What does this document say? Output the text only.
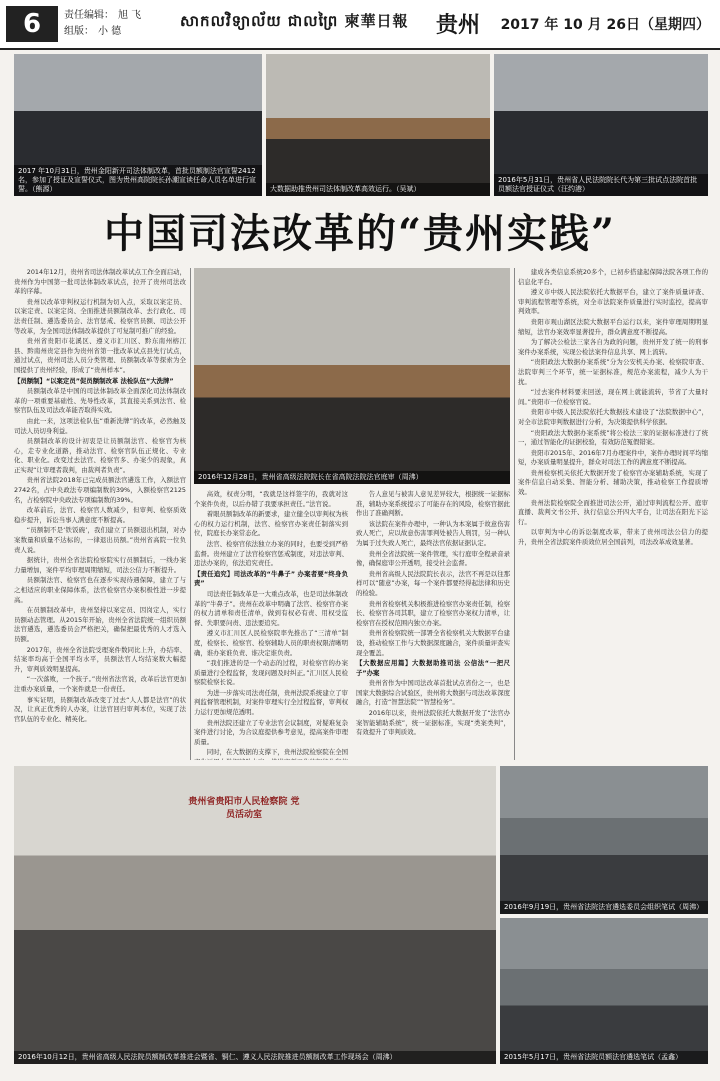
6	责任编辑： 旭 飞
组版： 小 德
សាកលវិទ្យាល័យ ជាលព្រៃ 柬華日報 贵州 2017 年 10 月 26日（星期四）
2017 年10月31日，贵州金阳新开司法体制改革，首批员额制法官宣誓2412名，参加了授证及宣誓仪式，图为贵州高院院长孙潮宣读任命人员名单进行宣誓。（熊源）	大数据助推贵州司法体制改革高效运行。（吴斌）
2016年5月31日，贵州省人民法院院长代为第三批试点法院首批员额法官授证仪式（汪约港）
中国司法改革的“贵州实践”

2014年12月，贵州省司法体制改革试点工作全面启动，贵州作为中国第一批司法体制改革试点，拉开了贵州司法改革的序幕。

贵州以改革审判权运行机制为切入点，采取以案定员、以案定责、以案定岗、全面推进员额制改革、去行政化、司法责任制、遴选委员会、法官惩戒、检察官员额、司法公开等改革，为全国司法体制改革提供了可复制可推广的经验。

贵州省贵阳市花溪区、遵义市汇川区、黔东南州榕江县、黔南州贵定县作为贵州省第一批改革试点县先行试点，通过试点，贵州司法人员分类管理、员额制改革等探索为全国提供了贵州经验，形成了“贵州样本”。

【员额制】“以案定员”促员额制改革 法检队伍“大洗牌”

员额制改革是中国的司法体制改革全面深化司法体制改革的一项重要基础性、先导性改革，其直接关系到法官、检察官队伍及司法改革能否取得实效。

由此一来，这项法检队伍“重新洗牌”的改革，必然触及司法人员切身利益。

员额制改革的设计初衷是让员额制法官、检察官为核心，走专业化道路，推动法官、检察官队伍正规化、专业化、职业化。改变过去法官、检察官多、办案少的现象，真正实现“让审理者裁判，由裁判者负责”。

贵州省法院2018年已完成员额法官遴选工作，入额法官2742名，占中央政法专项编制数的39%，入额检察官2125名，占检察院中央政法专项编制数的39%。

改革前后，法官、检察官人数减少，但审判、检察质效稳步提升，诉讼当事人满意度不断提高。

“员额制不是‘铁饭碗’，我们建立了员额退出机制，对办案数量和质量不达标的，一律退出员额。”贵州省高院一位负责人说。

据统计，贵州全省法院检察院实行员额制后，一线办案力量增加，案件平均审理周期缩短，司法公信力不断提升。

员额制法官、检察官也在逐步实现待遇保障，建立了与之相适应的职业保障体系，法官检察官办案积极性进一步提高。

在员额制改革中，贵州坚持以案定员、因岗定人，实行员额动态管理。从2015年开始，贵州全省法院统一组织员额法官遴选，遴选委员会严格把关，确保把最优秀的人才选入员额。

2017年，贵州全省法院受理案件数同比上升，办结率、结案率均高于全国平均水平，员额法官人均结案数大幅提升，审判质效明显提高。

“一次落败，一个孩子。”贵州省法官说，改革后法官更加注重办案质量，一个案件就是一份责任。

事实证明，员额制改革改变了过去“人人都是法官”的状况，让真正优秀的人办案，让法官回归审判本位，实现了法官队伍的专业化、精英化。

2016年12月28日，贵州省高级法院院长在省高院法院法官庭审（周沸）

高效，权责分明，“我就是这样签字的，我就对这个案件负责，以后办错了我要承担责任。”法官说。

着眼员额制改革的新要求，建立健全以审判权为核心的权力运行机制，法官、检察官办案责任制落实到位，院庭长办案常态化。

法官、检察官依法独立办案的同时，也要受到严格监督。贵州建立了法官检察官惩戒制度，对违法审判、违法办案的，依法追究责任。

【责任追究】司法改革的“牛鼻子” 办案者要“终身负责”

司法责任制改革是一大重点改革，也是司法体制改革的“牛鼻子”。贵州在改革中明确了法官、检察官办案的权力清单和责任清单，做到有权必有责、用权受监督、失职要问责、违法要追究。

遵义市汇川区人民检察院率先推出了“三清单”制度，检察长、检察官、检察辅助人员的职责权限清晰明确，谁办案谁负责、谁决定谁负责。

“我们推进的是一个动态的过程，对检察官的办案质量进行全程监督，发现问题及时纠正。”汇川区人民检察院检察长说。

为进一步落实司法责任制，贵州法院系统建立了审判监督管理机制，对案件审理实行全过程监督，审判权力运行更加规范透明。

贵州法院还建立了专业法官会议制度，对疑难复杂案件进行讨论，为合议庭提供参考意见，提高案件审理质量。

同时，在大数据的支撑下，贵州法院检察院在全国

告人意见与被害人意见差异较大，根据统一证据标准，辅助办案系统提示了可能存在的风险，检察官据此作出了准确判断。

该法院在案件办理中，一种认为本案属于故意伤害致人死亡，应以故意伤害罪判处被告人刑罚，另一种认为属于过失致人死亡，最终法官依据证据认定。

贵州全省法院统一案件管理，实行庭审全程录音录像，确保庭审公开透明，接受社会监督。

贵州省高级人民法院院长表示，法官不再是以往那样可以“随意”办案，每一个案件都要经得起法律和历史的检验。

贵州省检察机关积极推进检察官办案责任制，检察长、检察官各司其职，建立了检察官办案权力清单，让检察官在授权范围内独立办案。

贵州省检察院统一部署全省检察机关大数据平台建设，推动检察工作与大数据深度融合，案件质量评查实现全覆盖。

【大数据应用篇】大数据助推司法 公信法“一把尺子”办案

贵州省作为中国司法改革首批试点省份之一，也是国家大数据综合试验区，贵州将大数据与司法改革深度融合，打造“智慧法院”“智慧检务”。

2016年以来，贵州法院依托大数据开发了“法官办案智能辅助系统”，统一证据标准，实现“类案类判”，有效提升了审判质效。

建成各类信息系统20多个，已初步搭建起保障法院各项工作的信息化平台。

遵义市中级人民法院依托大数据平台，建立了案件质量评查、审判流程管理等系统，对全市法院案件质量进行实时监控，提高审判效率。

贵阳市观山湖区法院大数据平台运行以来，案件审理周期明显缩短，法官办案效率显著提升，群众满意度不断提高。

为了解决公检法三家各自为政的问题，贵州开发了统一的刑事案件办案系统，实现公检法案件信息共享、网上流转。

“贵阳政法大数据办案系统”分为公安机关办案、检察院审查、法院审判三个环节，统一证据标准，规范办案流程，减少人为干扰。

“过去案件材料要来回送，现在网上就能流转，节省了大量时间。”贵阳市一位检察官说。

贵阳市中级人民法院依托大数据技术建设了“法院数据中心”，对全市法院审判数据进行分析，为决策提供科学依据。

“贵阳政法大数据办案系统”将公检法三家的证据标准进行了统一，通过智能化的证据校验，有效防范冤假错案。

贵阳市2015年、2016年7月办理案件中，案件办理时间平均缩短，办案质量明显提升，群众对司法工作的满意度不断提高。

贵州检察机关依托大数据开发了检察官办案辅助系统，实现了案件信息自动采集、智能分析、辅助决策，推动检察工作提质增效。

贵州法院检察院全面推进司法公开，通过审判流程公开、庭审直播、裁判文书公开、执行信息公开四大平台，让司法在阳光下运行。

以审判为中心的诉讼制度改革，带来了贵州司法公信力的提升，贵州全省法院案件质效位居全国前列，司法改革成效显著。

贵州省贵阳市人民检察院 党员活动室
2016年10月12日，贵州省高级人民法院员额制改革推进会暨省、铜仁、遵义人民法院推进员额制改革工作现场会（周沸）
2016年9月19日，贵州省法院法官遴选委员会组织笔试（周沸）
2015年5月17日，贵州省法院员额法官遴选笔试（孟鑫）
